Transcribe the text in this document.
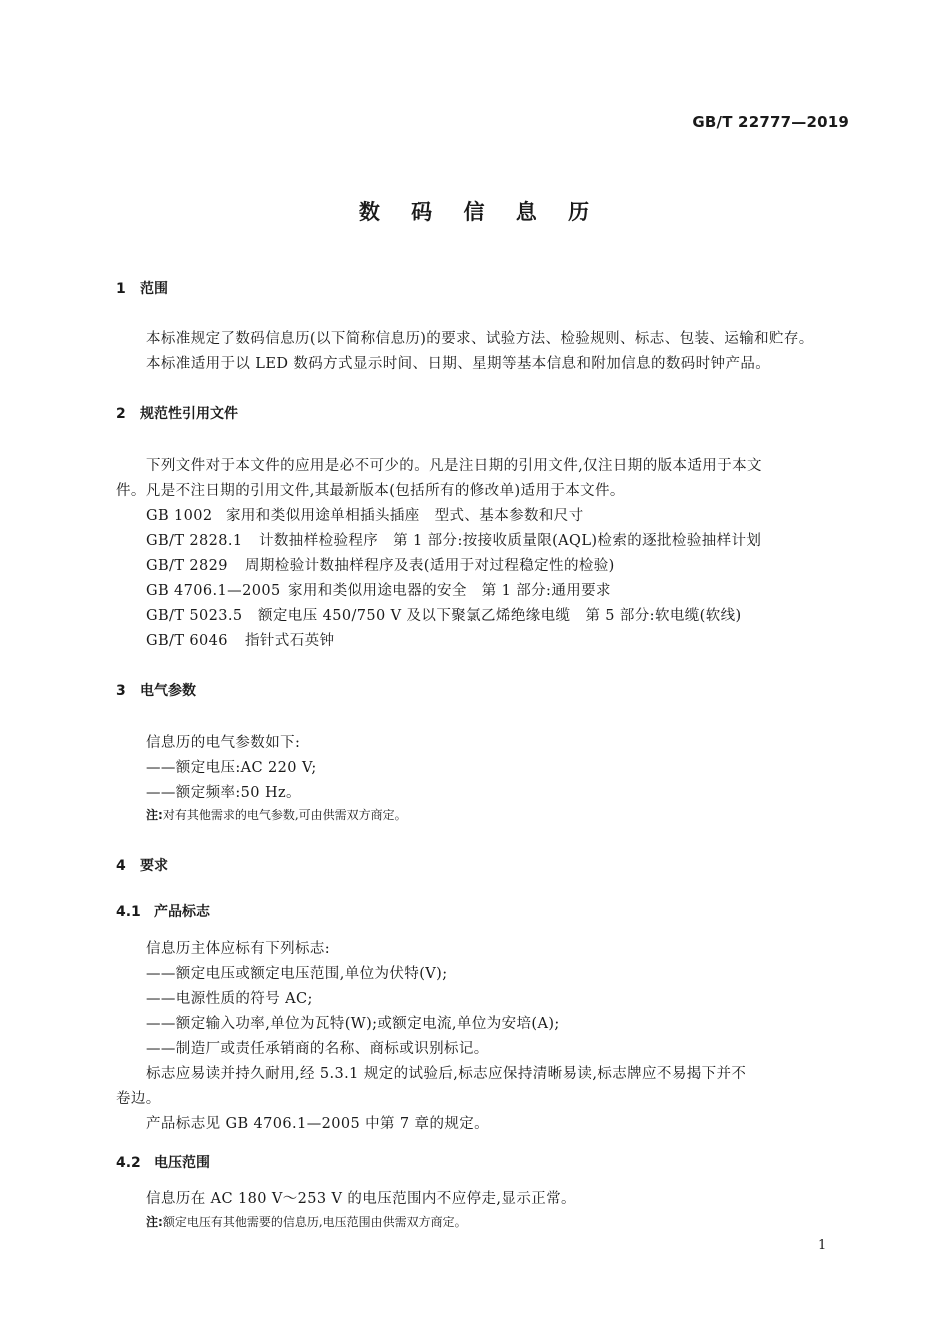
GB/T 22777—2019
数 码 信 息 历
1 范围
本标准规定了数码信息历(以下简称信息历)的要求、试验方法、检验规则、标志、包装、运输和贮存。
本标准适用于以 LED 数码方式显示时间、日期、星期等基本信息和附加信息的数码时钟产品。
2 规范性引用文件
下列文件对于本文件的应用是必不可少的。凡是注日期的引用文件,仅注日期的版本适用于本文
件。凡是不注日期的引用文件,其最新版本(包括所有的修改单)适用于本文件。
GB 1002 家用和类似用途单相插头插座　型式、基本参数和尺寸
GB/T 2828.1 计数抽样检验程序　第 1 部分:按接收质量限(AQL)检索的逐批检验抽样计划
GB/T 2829 周期检验计数抽样程序及表(适用于对过程稳定性的检验)
GB 4706.1—2005 家用和类似用途电器的安全　第 1 部分:通用要求
GB/T 5023.5 额定电压 450/750 V 及以下聚氯乙烯绝缘电缆　第 5 部分:软电缆(软线)
GB/T 6046 指针式石英钟
3 电气参数
信息历的电气参数如下:
——额定电压:AC 220 V;
——额定频率:50 Hz。
注:对有其他需求的电气参数,可由供需双方商定。
4 要求
4.1 产品标志
信息历主体应标有下列标志:
——额定电压或额定电压范围,单位为伏特(V);
——电源性质的符号 AC;
——额定输入功率,单位为瓦特(W);或额定电流,单位为安培(A);
——制造厂或责任承销商的名称、商标或识别标记。
标志应易读并持久耐用,经 5.3.1 规定的试验后,标志应保持清晰易读,标志牌应不易揭下并不
卷边。
产品标志见 GB 4706.1—2005 中第 7 章的规定。
4.2 电压范围
信息历在 AC 180 V～253 V 的电压范围内不应停走,显示正常。
注:额定电压有其他需要的信息历,电压范围由供需双方商定。
1
